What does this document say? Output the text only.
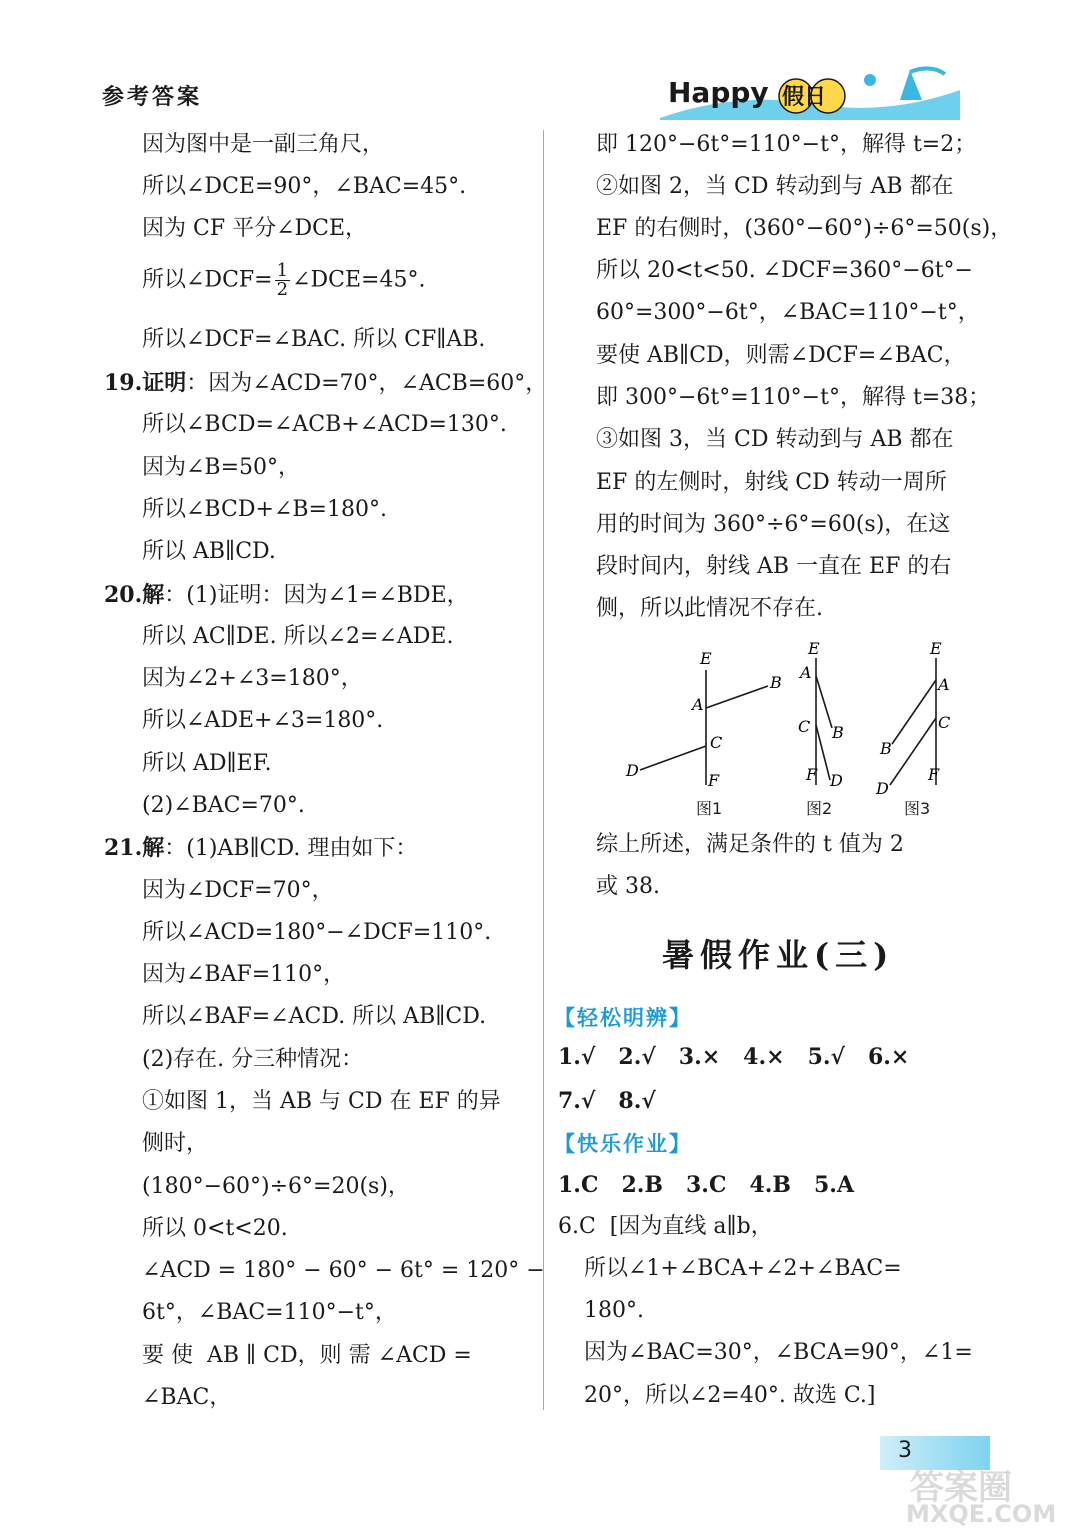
参考答案	Happy 假日
因为图中是一副三角尺，
所以∠DCE=90°，∠BAC=45°.
因为 CF 平分∠DCE，
所以∠DCF= $\frac{1}{2}$ ∠DCE=45°.
所以∠DCF=∠BAC. 所以 CF∥AB.
19.证明：因为∠ACD=70°，∠ACB=60°，
所以∠BCD=∠ACB+∠ACD=130°.
因为∠B=50°，
所以∠BCD+∠B=180°.
所以 AB∥CD.
20.解：(1)证明：因为∠1=∠BDE，
所以 AC∥DE. 所以∠2=∠ADE.
因为∠2+∠3=180°，
所以∠ADE+∠3=180°.
所以 AD∥EF.
(2)∠BAC=70°.
21.解：(1)AB∥CD. 理由如下：
因为∠DCF=70°，
所以∠ACD=180°−∠DCF=110°.
因为∠BAF=110°，
所以∠BAF=∠ACD. 所以 AB∥CD.
(2)存在. 分三种情况：
①如图 1，当 AB 与 CD 在 EF 的异
侧时，
(180°−60°)÷6°=20(s)，
所以 0<t<20.
∠ACD = 180° − 60° − 6t° = 120° −
6t°，∠BAC=110°−t°，
要 使  AB ∥ CD，则 需 ∠ACD =
∠BAC，
即 120°−6t°=110°−t°，解得 t=2；
②如图 2，当 CD 转动到与 AB 都在
EF 的右侧时，(360°−60°)÷6°=50(s)，
所以 20<t<50. ∠DCF=360°−6t°−
60°=300°−6t°，∠BAC=110°−t°，
要使 AB∥CD，则需∠DCF=∠BAC，
即 300°−6t°=110°−t°，解得 t=38；
③如图 3，当 CD 转动到与 AB 都在
EF 的左侧时，射线 CD 转动一周所
用的时间为 360°÷6°=60(s)，在这
段时间内，射线 AB 一直在 EF 的右
侧，所以此情况不存在.
E
B
A
C
D
F
E
A
C B
F D
E
A
C
B
F
D
图1	图2	图3
综上所述，满足条件的 t 值为 2
或 38.
暑假作业(三)
【轻松明辨】
1.√   2.√   3.×   4.×   5.√   6.×
7.√   8.√
【快乐作业】
1.C   2.B   3.C   4.B   5.A
6.C  [因为直线 a∥b，
所以∠1+∠BCA+∠2+∠BAC=
180°.
因为∠BAC=30°，∠BCA=90°，∠1=
20°，所以∠2=40°. 故选 C.]
3
答案圈
MXQE.COM
